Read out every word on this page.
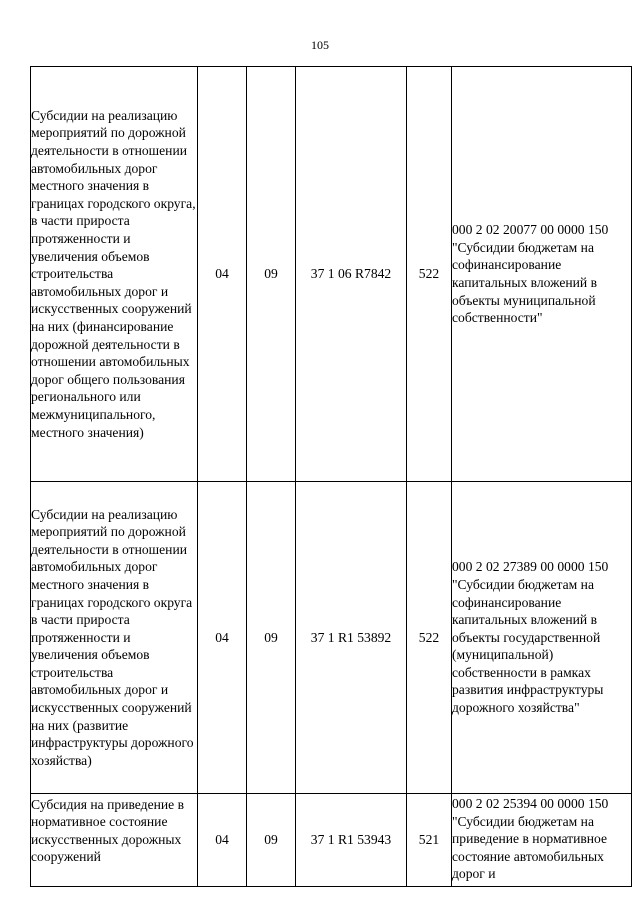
105
Субсидии на реализацию мероприятий по дорожной деятельности в отношении автомобильных дорог местного значения в границах городского округа, в части прироста протяженности и увеличения объемов строительства автомобильных дорог и искусственных сооружений на них (финансирование дорожной деятельности в отношении автомобильных дорог общего пользования регионального или межмуниципального, местного значения)	04	09	37 1 06 R7842	522	000 2 02 20077 00 0000 150 "Субсидии бюджетам на софинансирование капитальных вложений в объекты муниципальной собственности"
Субсидии на реализацию мероприятий по дорожной деятельности в отношении автомобильных дорог местного значения в границах городского округа в части прироста протяженности и увеличения объемов строительства автомобильных дорог и искусственных сооружений на них (развитие инфраструктуры дорожного хозяйства)	04	09	37 1 R1 53892	522	000 2 02 27389 00 0000 150 "Субсидии бюджетам на софинансирование капитальных вложений в объекты государственной (муниципальной) собственности в рамках развития инфраструктуры дорожного хозяйства"

Субсидия на приведение в нормативное состояние искусственных дорожных сооружений	04	09	37 1 R1 53943	521	000 2 02 25394 00 0000 150 "Субсидии бюджетам на приведение в нормативное состояние автомобильных дорог и
